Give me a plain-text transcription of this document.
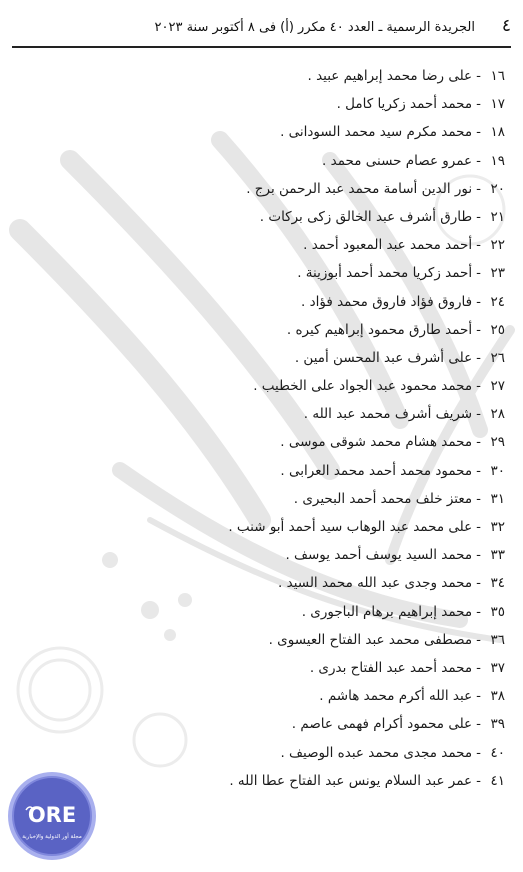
٤
الجريدة الرسمية ـ العدد ٤٠ مكرر (أ) فى ٨ أكتوبر سنة ٢٠٢٣
١٦-على رضا محمد إبراهيم عبيد .
١٧-محمد أحمد زكريا كامل .
١٨-محمد مكرم سيد محمد السودانى .
١٩-عمرو عصام حسنى محمد .
٢٠-نور الدين أسامة محمد عبد الرحمن برج .
٢١-طارق أشرف عبد الخالق زكى بركات .
٢٢-أحمد محمد عبد المعبود أحمد .
٢٣-أحمد زكريا محمد أحمد أبوزينة .
٢٤-فاروق فؤاد فاروق محمد فؤاد .
٢٥-أحمد طارق محمود إبراهيم كيره .
٢٦-على أشرف عبد المحسن أمين .
٢٧-محمد محمود عبد الجواد على الخطيب .
٢٨-شريف أشرف محمد عبد الله .
٢٩-محمد هشام محمد شوقى موسى .
٣٠-محمود محمد أحمد محمد العرابى .
٣١-معتز خلف محمد أحمد البحيرى .
٣٢-على محمد عبد الوهاب سيد أحمد أبو شنب .
٣٣-محمد السيد يوسف أحمد يوسف .
٣٤-محمد وجدى عبد الله محمد السيد .
٣٥-محمد إبراهيم برهام الباجورى .
٣٦-مصطفى محمد عبد الفتاح العيسوى .
٣٧-محمد أحمد عبد الفتاح بدرى .
٣٨-عبد الله أكرم محمد هاشم .
٣٩-على محمود أكرام فهمى عاصم .
٤٠-محمد مجدى محمد عبده الوصيف .
٤١-عمر عبد السلام يونس عبد الفتاح عطا الله .
ORE
مجلة أور الدولية والإخبارية
